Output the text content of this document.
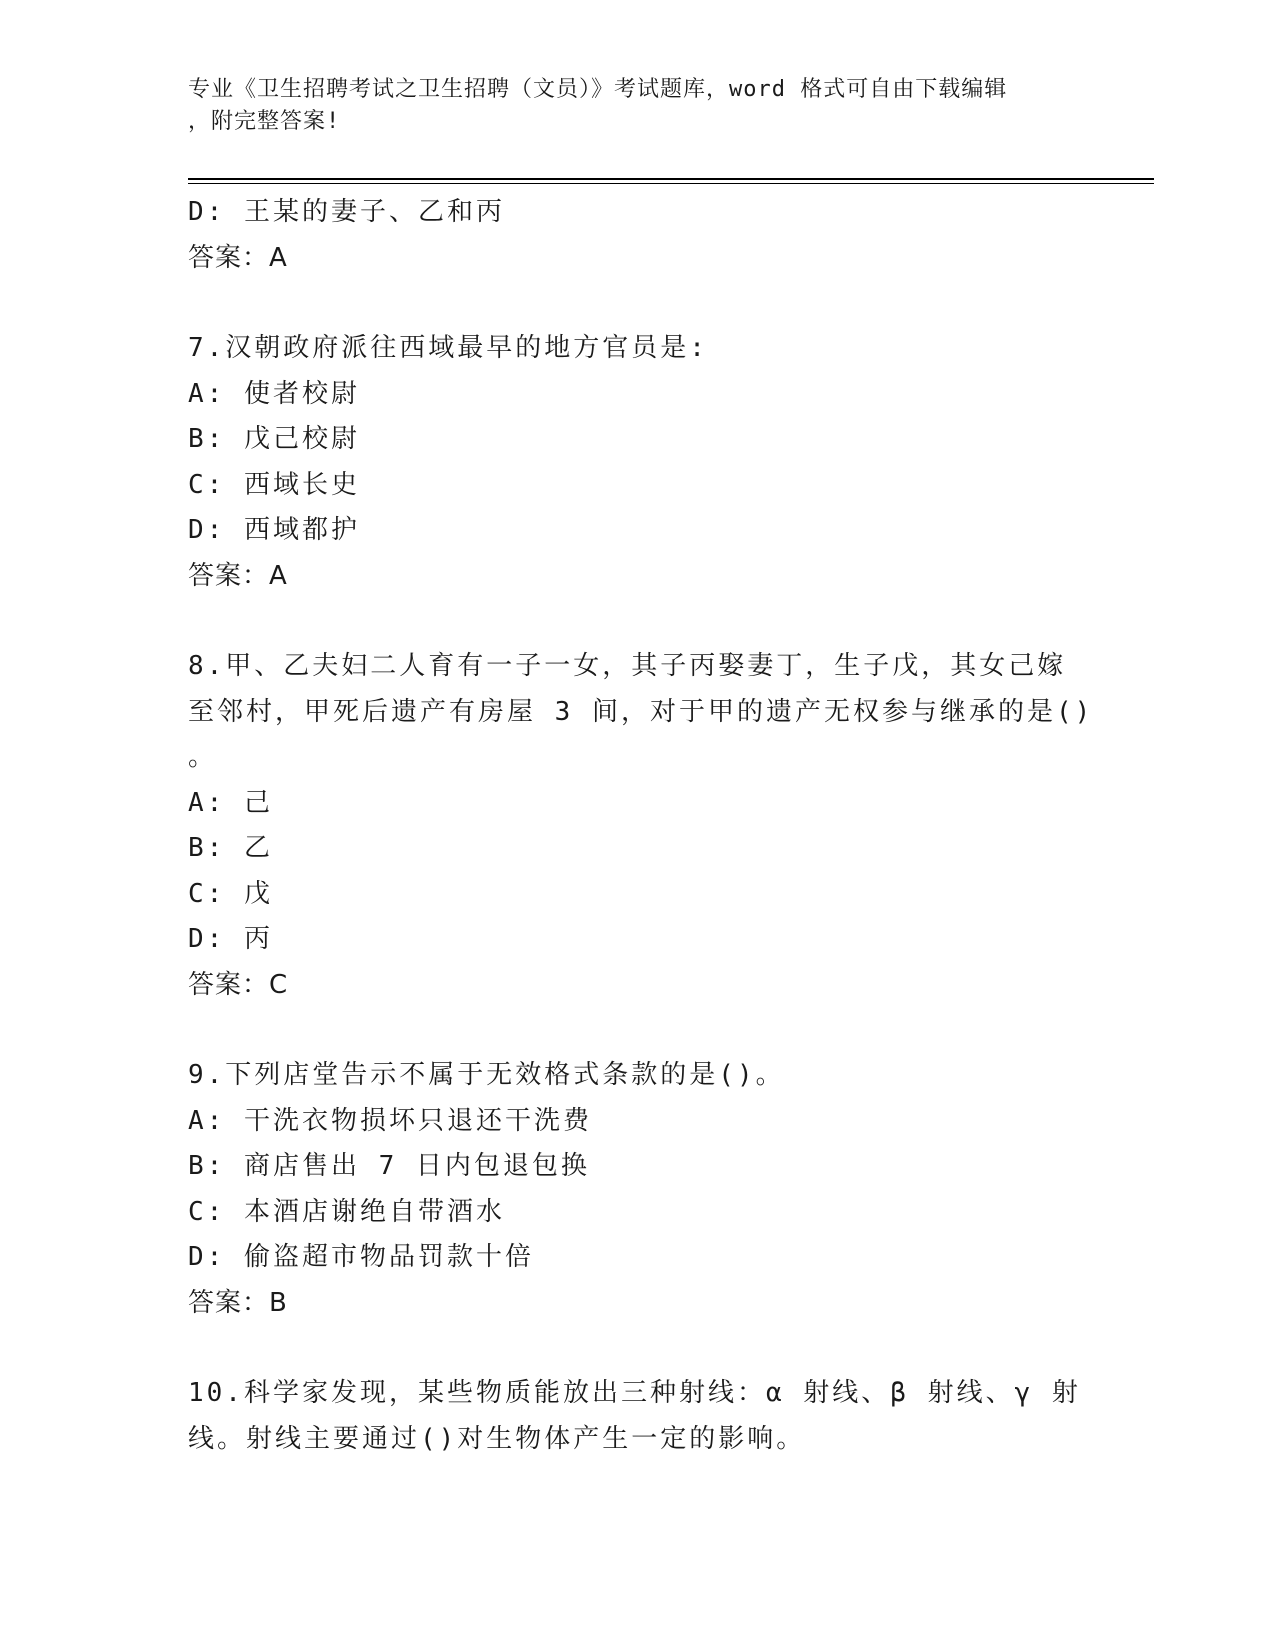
专业《卫生招聘考试之卫生招聘（文员）》考试题库，word 格式可自由下载编辑
，附完整答案!
D: 王某的妻子、乙和丙
答案：A
7.汉朝政府派往西域最早的地方官员是:
A: 使者校尉
B: 戊己校尉
C: 西域长史
D: 西域都护
答案：A
8.甲、乙夫妇二人育有一子一女，其子丙娶妻丁，生子戊，其女己嫁
至邻村，甲死后遗产有房屋 3 间，对于甲的遗产无权参与继承的是()
。
A: 己
B: 乙
C: 戊
D: 丙
答案：C
9.下列店堂告示不属于无效格式条款的是()。
A: 干洗衣物损坏只退还干洗费
B: 商店售出 7 日内包退包换
C: 本酒店谢绝自带酒水
D: 偷盗超市物品罚款十倍
答案：B
10.科学家发现，某些物质能放出三种射线：α 射线、β 射线、γ 射
线。射线主要通过()对生物体产生一定的影响。
